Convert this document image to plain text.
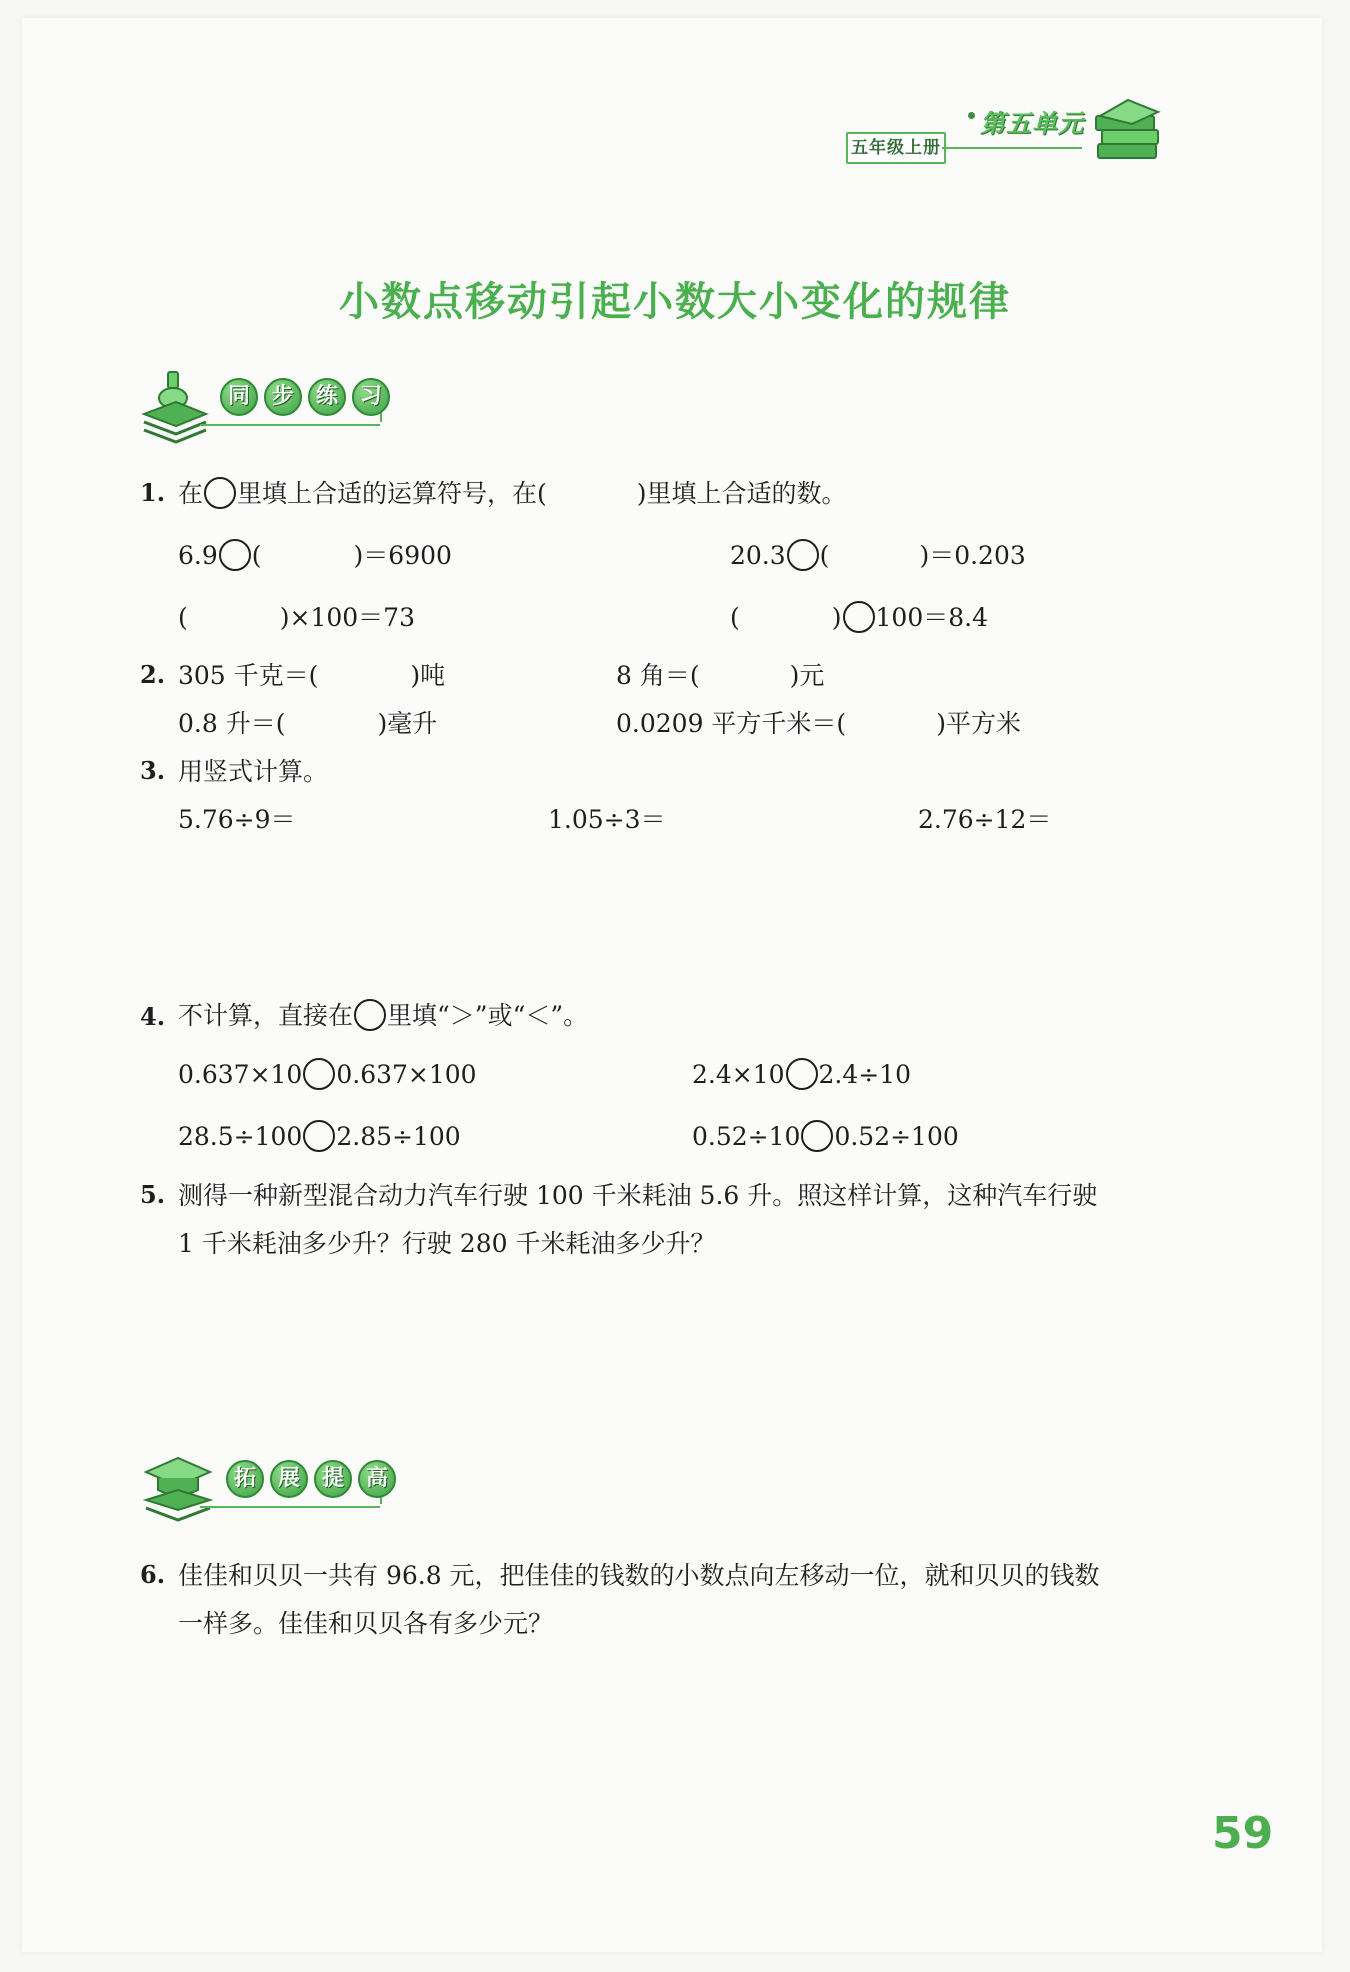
第五单元
五年级上册
小数点移动引起小数大小变化的规律
同 步 练 习
1. 在 里填上合适的运算符号，在(	)里填上合适的数。
6.9 (	)＝6900	20.3 (	)＝0.203
(	)×100＝73	(	) 100＝8.4
2. 305 千克＝(	)吨	8 角＝(	)元
0.8 升＝(	)毫升	0.0209 平方千米＝(	)平方米
3. 用竖式计算。
5.76÷9＝	1.05÷3＝	2.76÷12＝
4. 不计算，直接在 里填“＞”或“＜”。
0.637×10 0.637×100	2.4×10 2.4÷10
28.5÷100 2.85÷100	0.52÷10 0.52÷100
5. 测得一种新型混合动力汽车行驶 100 千米耗油 5.6 升。照这样计算，这种汽车行驶
1 千米耗油多少升？行驶 280 千米耗油多少升？
拓 展 提 高
6. 佳佳和贝贝一共有 96.8 元，把佳佳的钱数的小数点向左移动一位，就和贝贝的钱数
一样多。佳佳和贝贝各有多少元？
59
